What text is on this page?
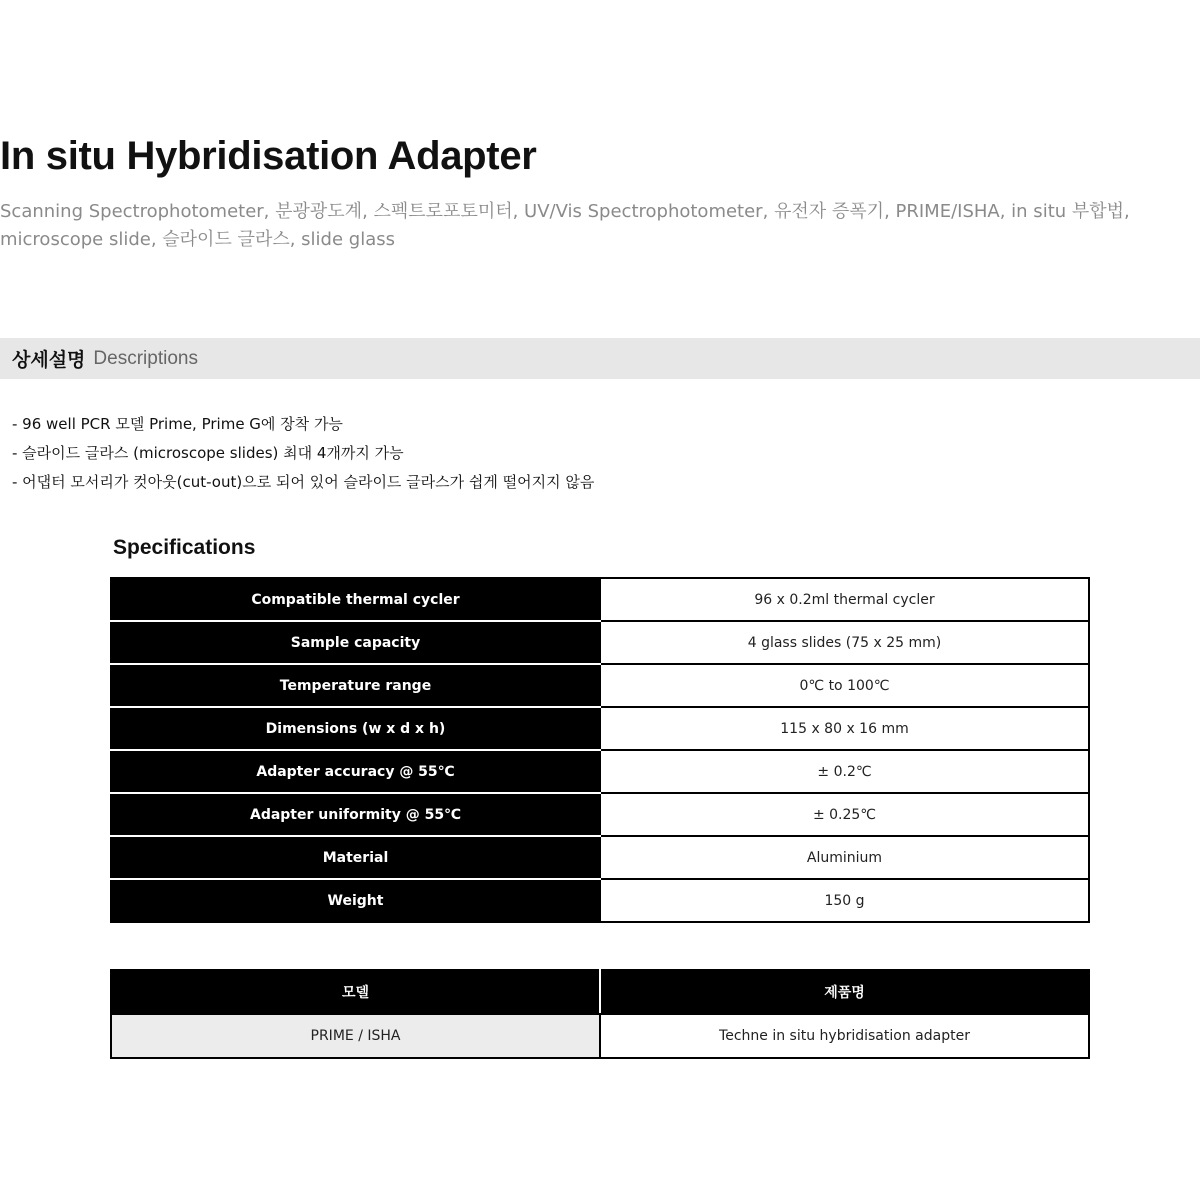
In situ Hybridisation Adapter

Scanning Spectrophotometer, 분광광도계, 스펙트로포토미터, UV/Vis Spectrophotometer, 유전자 증폭기, PRIME/ISHA, in situ 부합법, microscope slide, 슬라이드 글라스, slide glass

상세설명 Descriptions
- 96 well PCR 모델 Prime, Prime G에 장착 가능
- 슬라이드 글라스 (microscope slides) 최대 4개까지 가능
- 어댑터 모서리가 컷아웃(cut-out)으로 되어 있어 슬라이드 글라스가 쉽게 떨어지지 않음
Specifications
Compatible thermal cycler	96 x 0.2ml thermal cycler
Sample capacity	4 glass slides (75 x 25 mm)
Temperature range	0℃ to 100℃
Dimensions (w x d x h)	115 x 80 x 16 mm
Adapter accuracy @ 55℃	± 0.2℃
Adapter uniformity @ 55℃	± 0.25℃
Material	Aluminium
Weight	150 g
모델	제품명
PRIME / ISHA	Techne in situ hybridisation adapter
